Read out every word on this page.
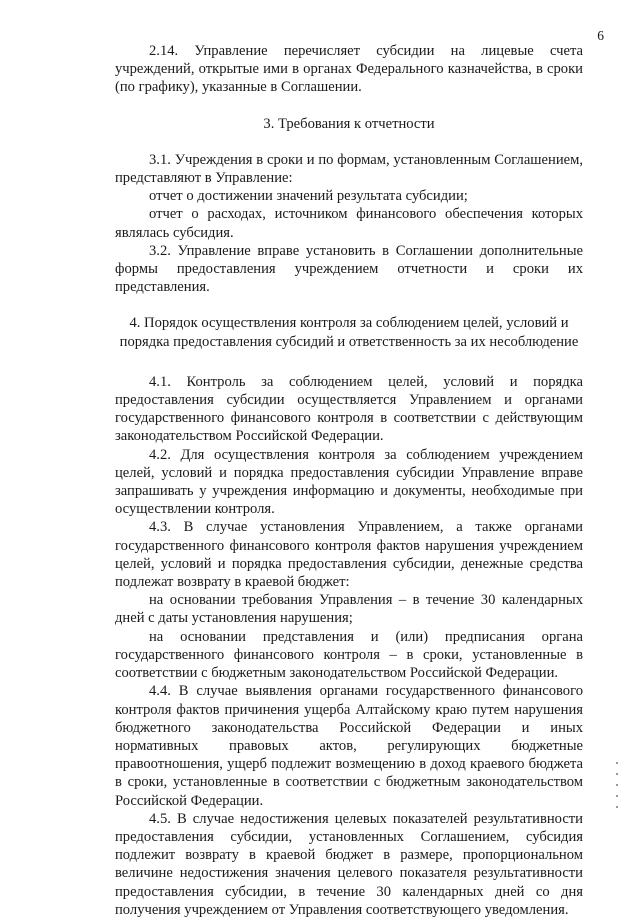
6

2.14. Управление перечисляет субсидии на лицевые счета учреждений, открытые ими в органах Федерального казначейства, в сроки (по графику), указанные в Соглашении.

3. Требования к отчетности

3.1. Учреждения в сроки и по формам, установленным Соглашением, представляют в Управление:

отчет о достижении значений результата субсидии;

отчет о расходах, источником финансового обеспечения которых являлась субсидия.

3.2. Управление вправе установить в Соглашении дополнительные формы предоставления учреждением отчетности и сроки их представления.

4. Порядок осуществления контроля за соблюдением целей, условий и порядка предоставления субсидий и ответственность за их несоблюдение

4.1. Контроль за соблюдением целей, условий и порядка предоставления субсидии осуществляется Управлением и органами государственного финансового контроля в соответствии с действующим законодательством Российской Федерации.

4.2. Для осуществления контроля за соблюдением учреждением целей, условий и порядка предоставления субсидии Управление вправе запрашивать у учреждения информацию и документы, необходимые при осуществлении контроля.

4.3. В случае установления Управлением, а также органами государственного финансового контроля фактов нарушения учреждением целей, условий и порядка предоставления субсидии, денежные средства подлежат возврату в краевой бюджет:

на основании требования Управления – в течение 30 календарных дней с даты установления нарушения;

на основании представления и (или) предписания органа государственного финансового контроля – в сроки, установленные в соответствии с бюджетным законодательством Российской Федерации.

4.4. В случае выявления органами государственного финансового контроля фактов причинения ущерба Алтайскому краю путем нарушения бюджетного законодательства Российской Федерации и иных нормативных правовых актов, регулирующих бюджетные правоотношения, ущерб подлежит возмещению в доход краевого бюджета в сроки, установленные в соответствии с бюджетным законодательством Российской Федерации.

4.5. В случае недостижения целевых показателей результативности предоставления субсидии, установленных Соглашением, субсидия подлежит возврату в краевой бюджет в размере, пропорциональном величине недостижения значения целевого показателя результативности предоставления субсидии, в течение 30 календарных дней со дня получения учреждением от Управления соответствующего уведомления.
